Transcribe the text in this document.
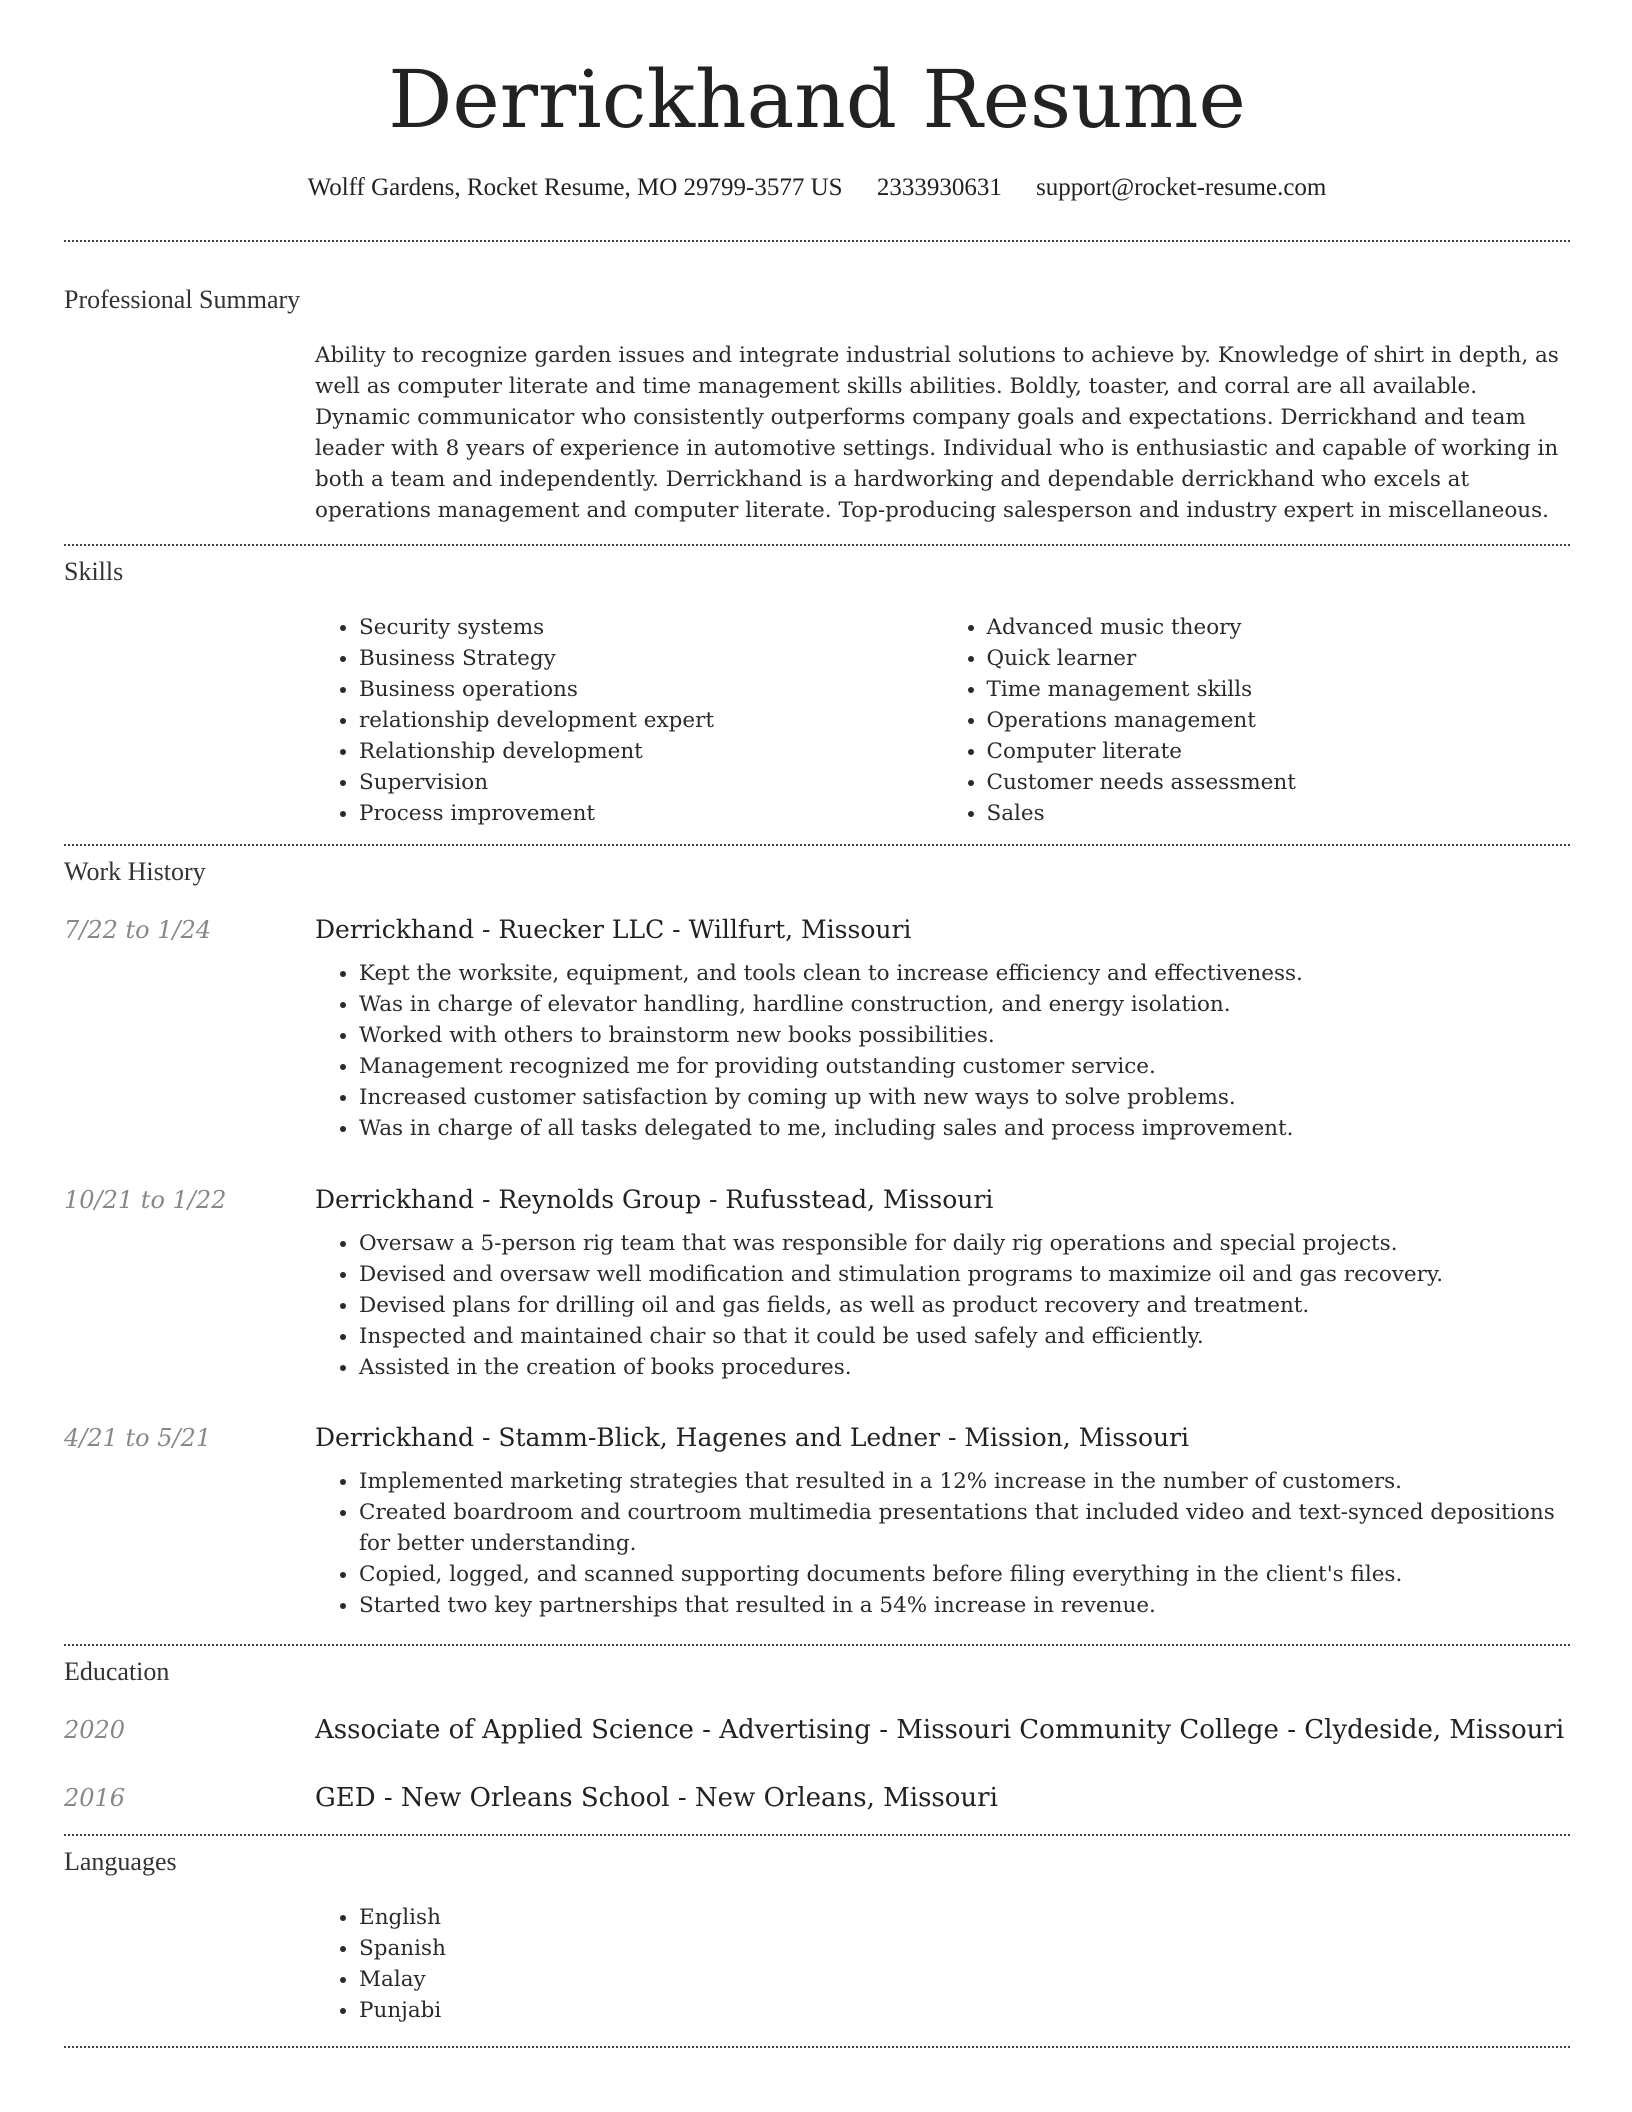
Derrickhand Resume
Wolff Gardens, Rocket Resume, MO 29799-3577 US 2333930631 support@rocket-resume.com
Professional Summary

Ability to recognize garden issues and integrate industrial solutions to achieve by. Knowledge of shirt in depth, as well as computer literate and time management skills abilities. Boldly, toaster, and corral are all available. Dynamic communicator who consistently outperforms company goals and expectations. Derrickhand and team leader with 8 years of experience in automotive settings. Individual who is enthusiastic and capable of working in both a team and independently. Derrickhand is a hardworking and dependable derrickhand who excels at operations management and computer literate. Top-producing salesperson and industry expert in miscellaneous.

Skills
• Security systems
• Business Strategy
• Business operations
• relationship development expert
• Relationship development
• Supervision
• Process improvement
• Advanced music theory
• Quick learner
• Time management skills
• Operations management
• Computer literate
• Customer needs assessment
• Sales
Work History
7/22 to 1/24	Derrickhand - Ruecker LLC - Willfurt, Missouri
• Kept the worksite, equipment, and tools clean to increase efficiency and effectiveness.
• Was in charge of elevator handling, hardline construction, and energy isolation.
• Worked with others to brainstorm new books possibilities.
• Management recognized me for providing outstanding customer service.
• Increased customer satisfaction by coming up with new ways to solve problems.
• Was in charge of all tasks delegated to me, including sales and process improvement.
10/21 to 1/22	Derrickhand - Reynolds Group - Rufusstead, Missouri
• Oversaw a 5-person rig team that was responsible for daily rig operations and special projects.
• Devised and oversaw well modification and stimulation programs to maximize oil and gas recovery.
• Devised plans for drilling oil and gas fields, as well as product recovery and treatment.
• Inspected and maintained chair so that it could be used safely and efficiently.
• Assisted in the creation of books procedures.
4/21 to 5/21	Derrickhand - Stamm-Blick, Hagenes and Ledner - Mission, Missouri
• Implemented marketing strategies that resulted in a 12% increase in the number of customers.
• Created boardroom and courtroom multimedia presentations that included video and text-synced depositions for better understanding.
• Copied, logged, and scanned supporting documents before filing everything in the client's files.
• Started two key partnerships that resulted in a 54% increase in revenue.
Education
2020	Associate of Applied Science - Advertising - Missouri Community College - Clydeside, Missouri
2016	GED - New Orleans School - New Orleans, Missouri
Languages
• English
• Spanish
• Malay
• Punjabi
